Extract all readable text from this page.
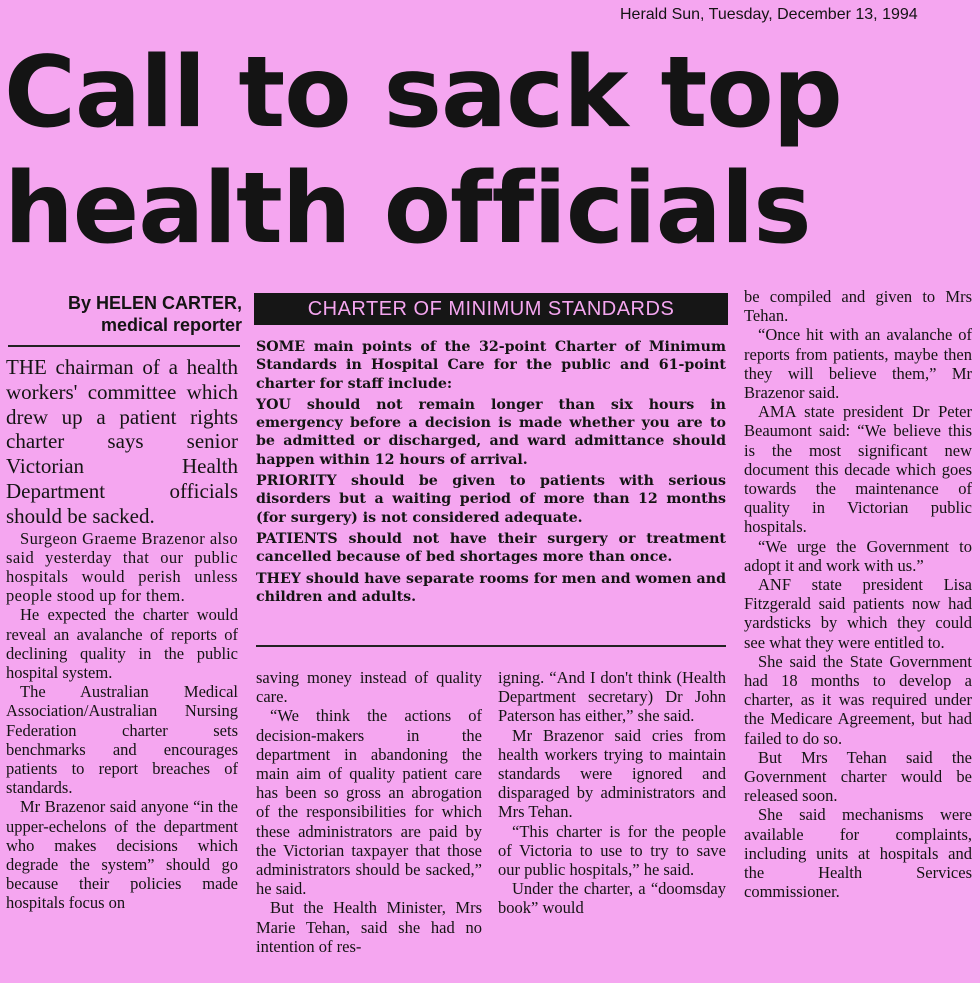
Herald Sun, Tuesday, December 13, 1994
Call to sack top
health officials
By HELEN CARTER,
medical reporter

THE chairman of a health workers' committee which drew up a patient rights charter says senior Victorian Health Department officials should be sacked.

Surgeon Graeme Brazenor also said yesterday that our public hospitals would perish unless people stood up for them.

He expected the charter would reveal an avalanche of reports of declining quality in the public hospital system.

The Australian Medical Association/Australian Nursing Federation charter sets benchmarks and encourages patients to report breaches of standards.

Mr Brazenor said anyone “in the upper-echelons of the department who makes decisions which degrade the system” should go because their policies made hospitals focus on

CHARTER OF MINIMUM STANDARDS

SOME main points of the 32-point Charter of Minimum Standards in Hospital Care for the public and 61-point charter for staff include:

YOU should not remain longer than six hours in emergency before a decision is made whether you are to be admitted or discharged, and ward admittance should happen within 12 hours of arrival.

PRIORITY should be given to patients with serious disorders but a waiting period of more than 12 months (for surgery) is not considered adequate.

PATIENTS should not have their surgery or treatment cancelled because of bed shortages more than once.

THEY should have separate rooms for men and women and children and adults.

saving money instead of quality care.

“We think the actions of decision-makers in the department in abandoning the main aim of quality patient care has been so gross an abrogation of the responsibilities for which these administrators are paid by the Victorian taxpayer that those administrators should be sacked,” he said.

But the Health Minister, Mrs Marie Tehan, said she had no intention of res-

igning. “And I don't think (Health Department secretary) Dr John Paterson has either,” she said.

Mr Brazenor said cries from health workers trying to maintain standards were ignored and disparaged by administrators and Mrs Tehan.

“This charter is for the people of Victoria to use to try to save our public hospitals,” he said.

Under the charter, a “doomsday book” would

be compiled and given to Mrs Tehan.

“Once hit with an avalanche of reports from patients, maybe then they will believe them,” Mr Brazenor said.

AMA state president Dr Peter Beaumont said: “We believe this is the most significant new document this decade which goes towards the maintenance of quality in Victorian public hospitals.

“We urge the Government to adopt it and work with us.”

ANF state president Lisa Fitzgerald said patients now had yardsticks by which they could see what they were entitled to.

She said the State Government had 18 months to develop a charter, as it was required under the Medicare Agreement, but had failed to do so.

But Mrs Tehan said the Government charter would be released soon.

She said mechanisms were available for complaints, including units at hospitals and the Health Services commissioner.
